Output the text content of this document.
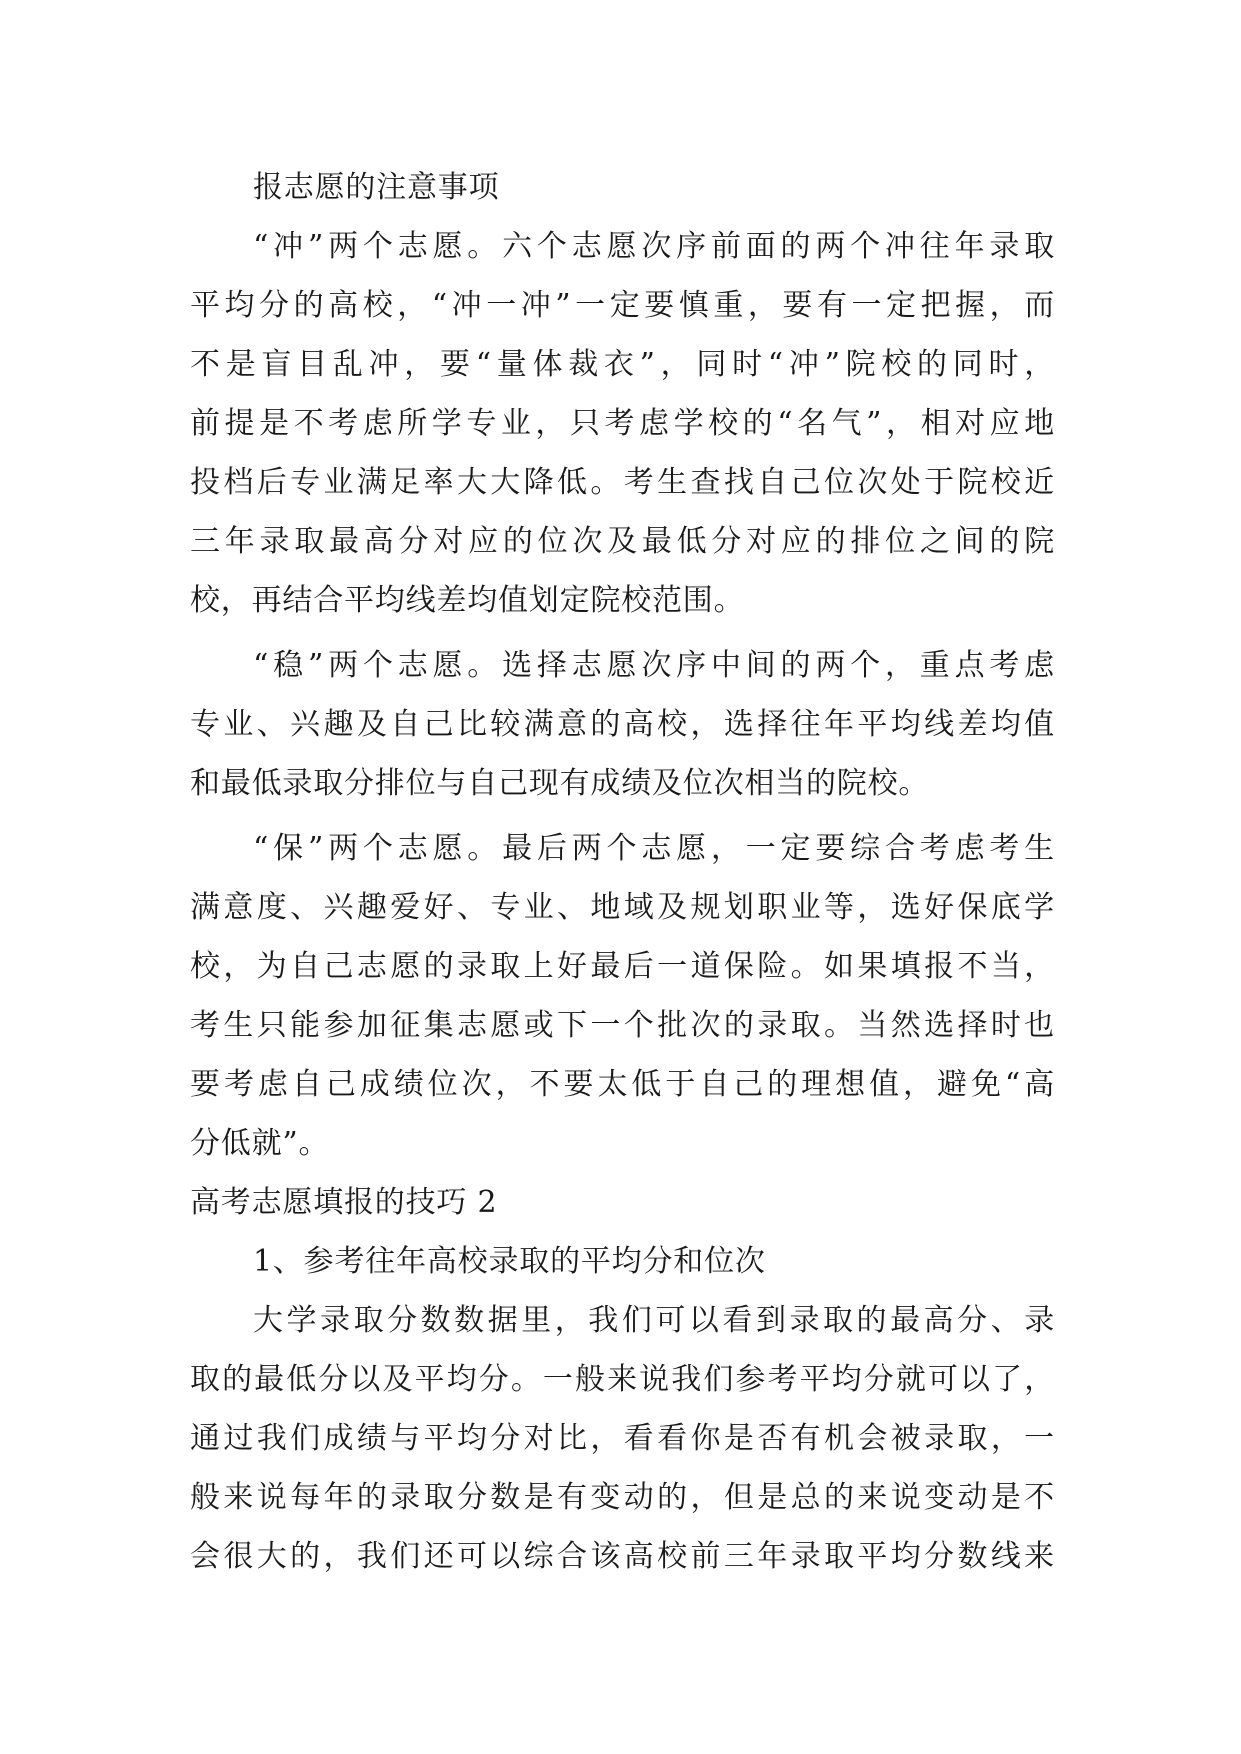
报志愿的注意事项
“冲”两个志愿。六个志愿次序前面的两个冲往年录取
平均分的高校，“冲一冲”一定要慎重，要有一定把握，而
不是盲目乱冲，要“量体裁衣”，同时“冲”院校的同时，
前提是不考虑所学专业，只考虑学校的“名气”，相对应地
投档后专业满足率大大降低。考生查找自己位次处于院校近
三年录取最高分对应的位次及最低分对应的排位之间的院
校，再结合平均线差均值划定院校范围。
“稳”两个志愿。选择志愿次序中间的两个，重点考虑
专业、兴趣及自己比较满意的高校，选择往年平均线差均值
和最低录取分排位与自己现有成绩及位次相当的院校。
“保”两个志愿。最后两个志愿，一定要综合考虑考生
满意度、兴趣爱好、专业、地域及规划职业等，选好保底学
校，为自己志愿的录取上好最后一道保险。如果填报不当，
考生只能参加征集志愿或下一个批次的录取。当然选择时也
要考虑自己成绩位次，不要太低于自己的理想值，避免“高
分低就”。
高考志愿填报的技巧 2
1、参考往年高校录取的平均分和位次
大学录取分数数据里，我们可以看到录取的最高分、录
取的最低分以及平均分。一般来说我们参考平均分就可以了，
通过我们成绩与平均分对比，看看你是否有机会被录取，一
般来说每年的录取分数是有变动的，但是总的来说变动是不
会很大的，我们还可以综合该高校前三年录取平均分数线来
